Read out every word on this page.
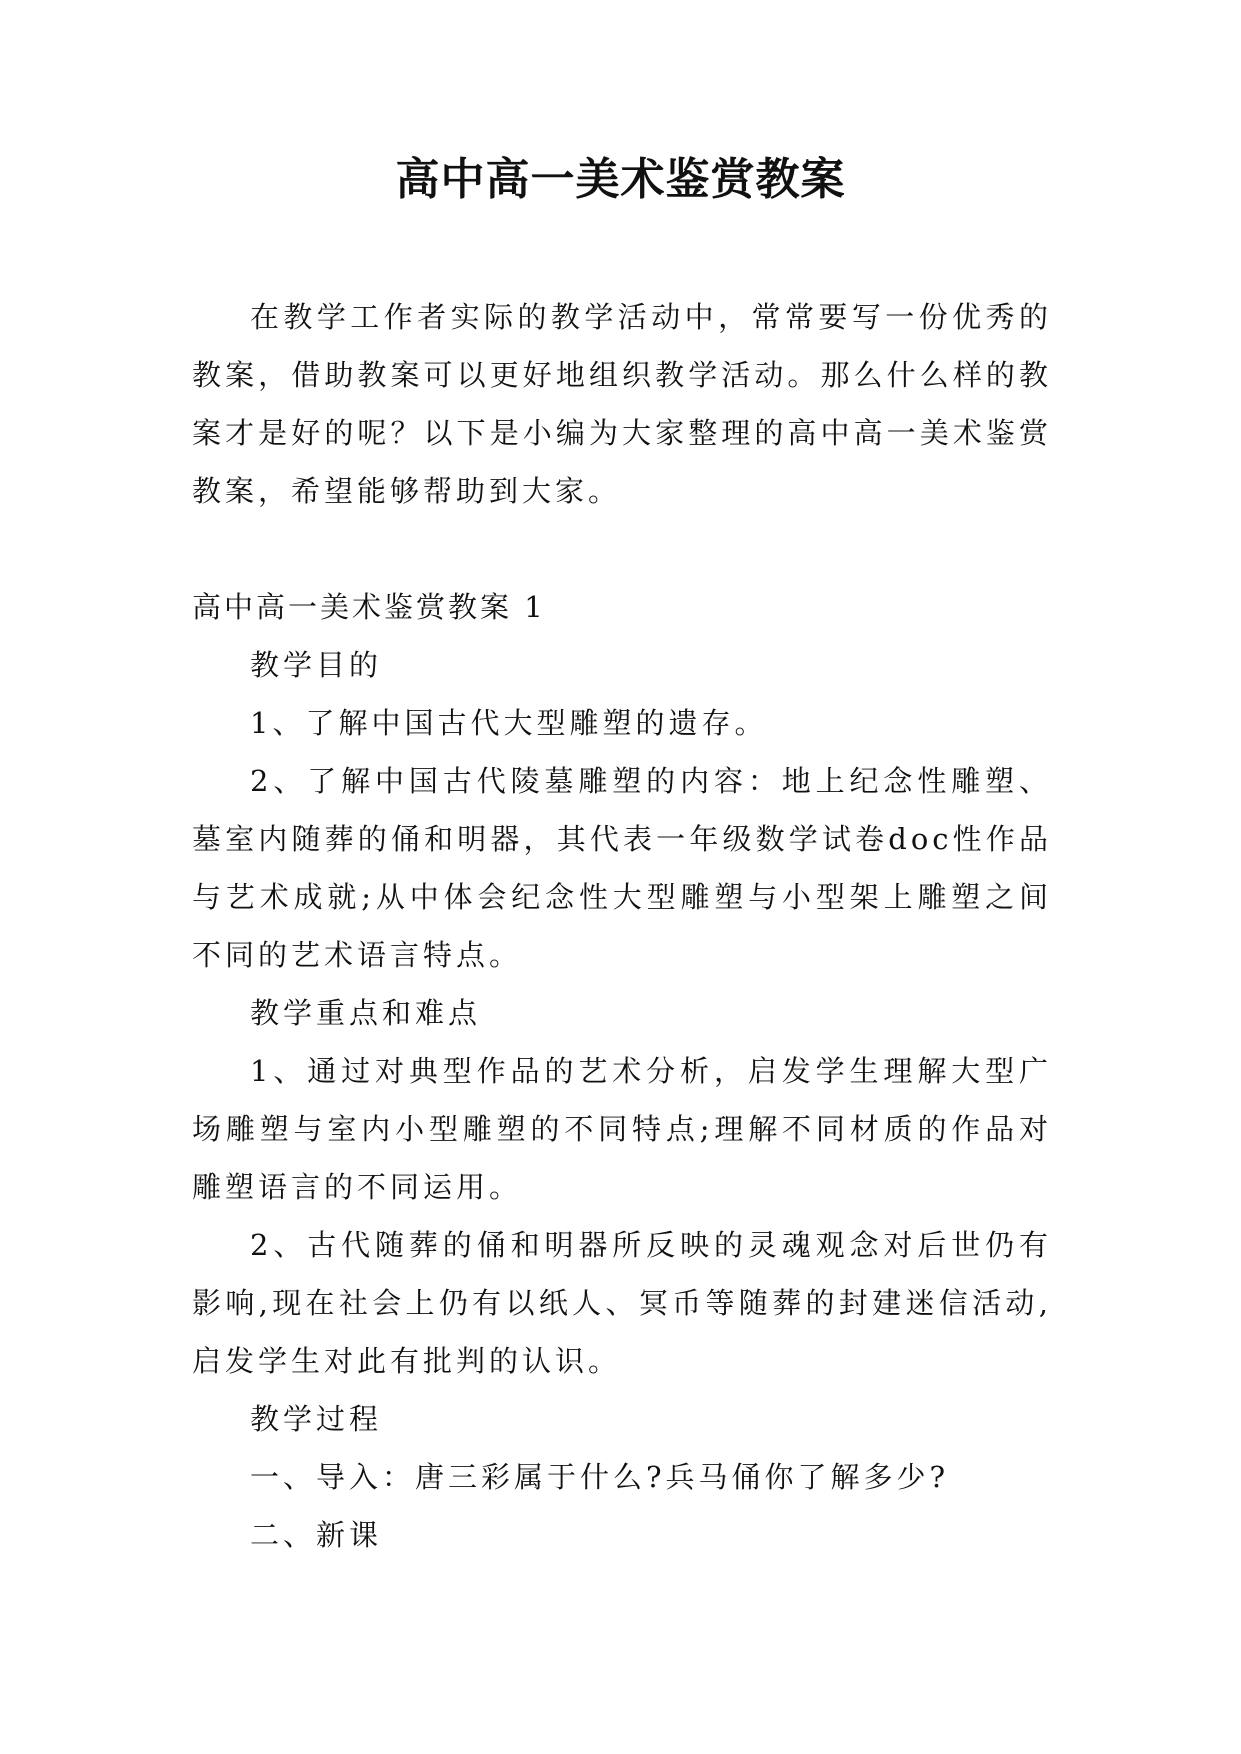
高中高一美术鉴赏教案

在教学工作者实际的教学活动中，常常要写一份优秀的教案，借助教案可以更好地组织教学活动。那么什么样的教案才是好的呢？以下是小编为大家整理的高中高一美术鉴赏教案，希望能够帮助到大家。

高中高一美术鉴赏教案 1

教学目的

1、了解中国古代大型雕塑的遗存。

2、了解中国古代陵墓雕塑的内容：地上纪念性雕塑、墓室内随葬的俑和明器，其代表一年级数学试卷doc性作品与艺术成就;从中体会纪念性大型雕塑与小型架上雕塑之间不同的艺术语言特点。

教学重点和难点

1、通过对典型作品的艺术分析，启发学生理解大型广场雕塑与室内小型雕塑的不同特点;理解不同材质的作品对雕塑语言的不同运用。

2、古代随葬的俑和明器所反映的灵魂观念对后世仍有影响,现在社会上仍有以纸人、冥币等随葬的封建迷信活动,启发学生对此有批判的认识。

教学过程

一、导入：唐三彩属于什么?兵马俑你了解多少?

二、新课
